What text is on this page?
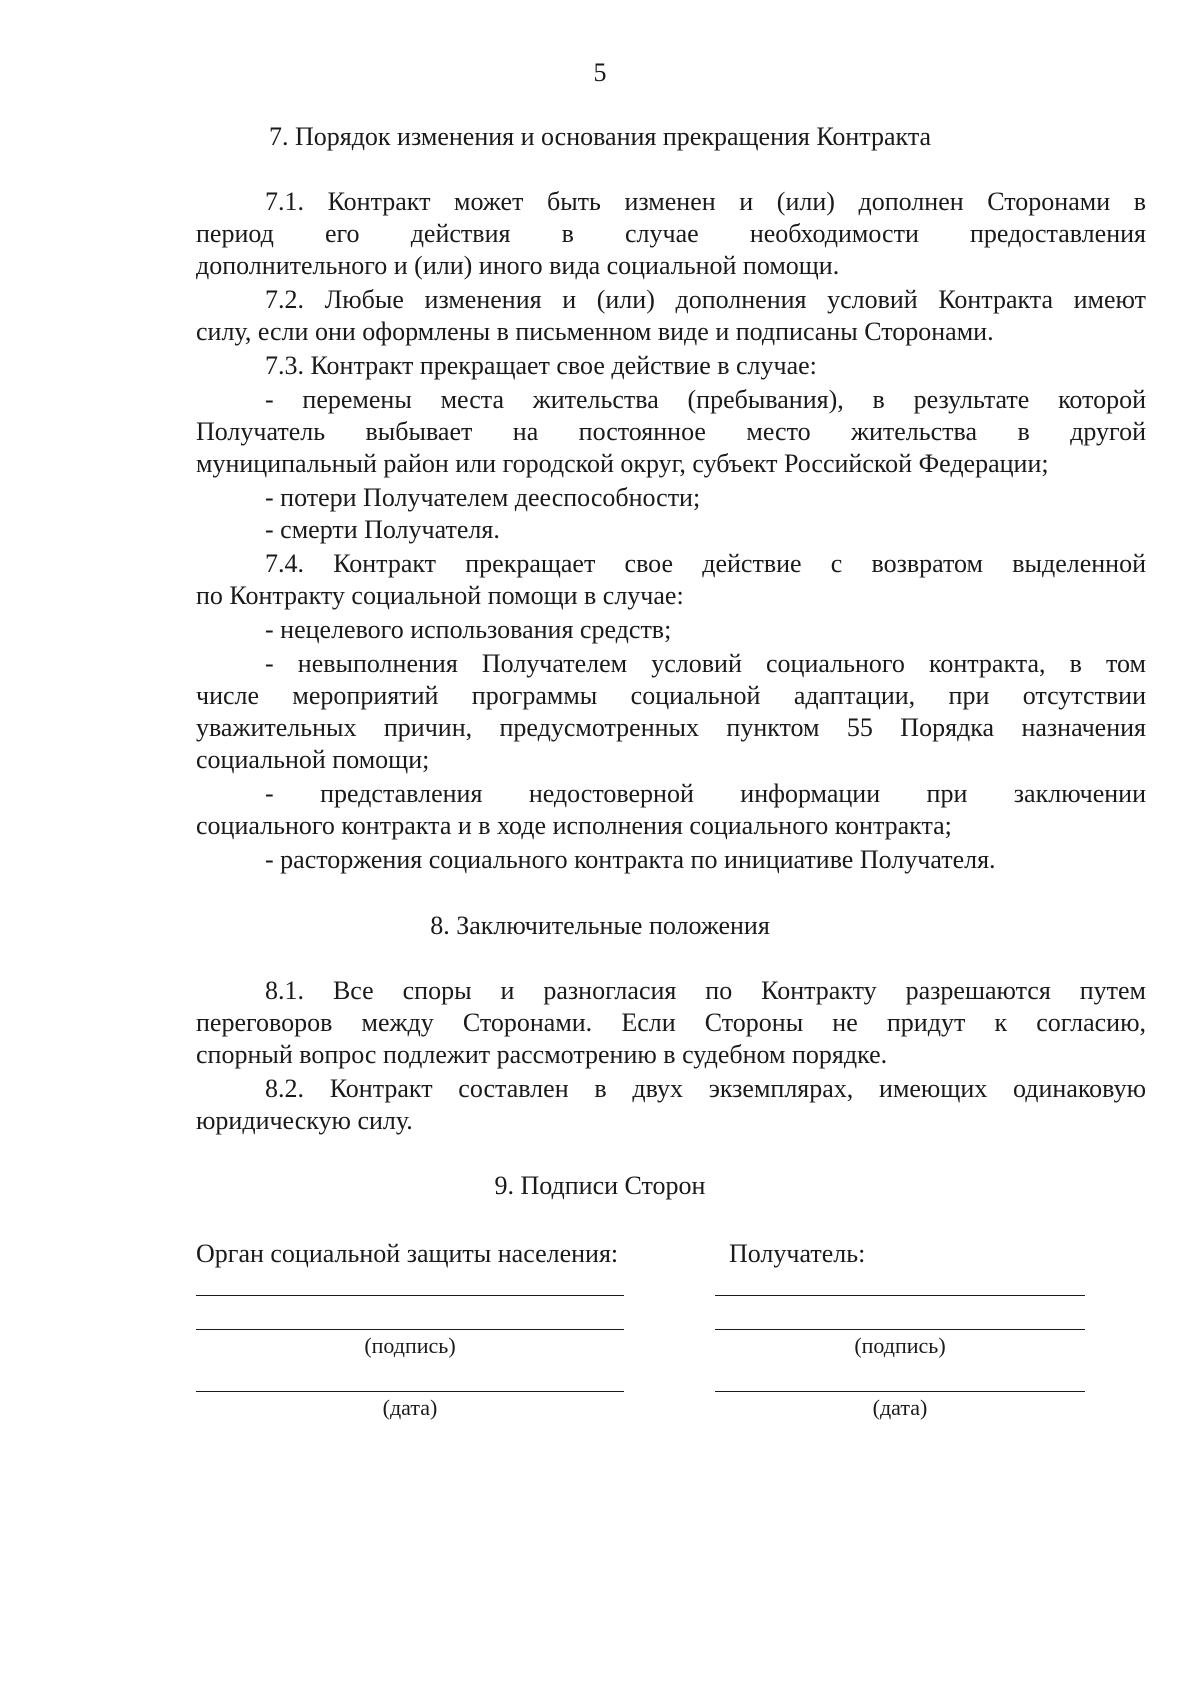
5
7. Порядок изменения и основания прекращения Контракта
7.1. Контракт может быть изменен и (или) дополнен Сторонами в
период его действия в случае необходимости предоставления
дополнительного и (или) иного вида социальной помощи.
7.2. Любые изменения и (или) дополнения условий Контракта имеют
силу, если они оформлены в письменном виде и подписаны Сторонами.
7.3. Контракт прекращает свое действие в случае:
- перемены места жительства (пребывания), в результате которой
Получатель выбывает на постоянное место жительства в другой
муниципальный район или городской округ, субъект Российской Федерации;
- потери Получателем дееспособности;
- смерти Получателя.
7.4. Контракт прекращает свое действие с возвратом выделенной
по Контракту социальной помощи в случае:
- нецелевого использования средств;
- невыполнения Получателем условий социального контракта, в том
числе мероприятий программы социальной адаптации, при отсутствии
уважительных причин, предусмотренных пунктом 55 Порядка назначения
социальной помощи;
- представления недостоверной информации при заключении
социального контракта и в ходе исполнения социального контракта;
- расторжения социального контракта по инициативе Получателя.
8. Заключительные положения
8.1. Все споры и разногласия по Контракту разрешаются путем
переговоров между Сторонами. Если Стороны не придут к согласию,
спорный вопрос подлежит рассмотрению в судебном порядке.
8.2. Контракт составлен в двух экземплярах, имеющих одинаковую
юридическую силу.
9. Подписи Сторон
Орган социальной защиты населения:	Получатель:
(подпись)
(дата)
(подпись)
(дата)
